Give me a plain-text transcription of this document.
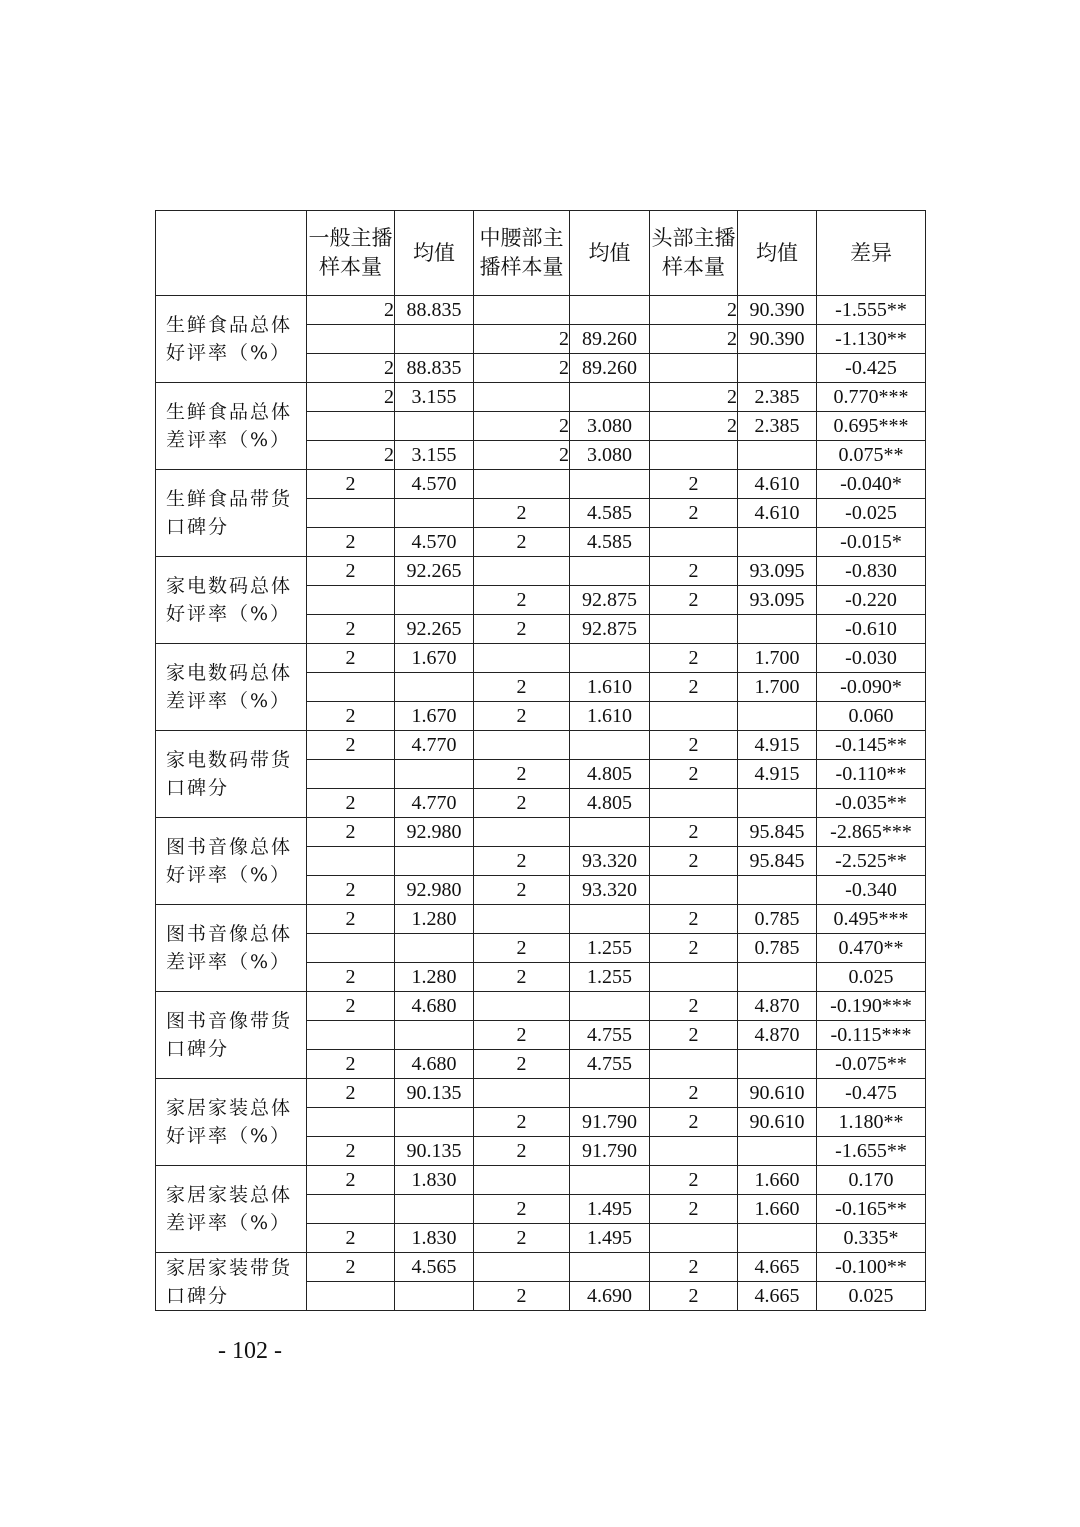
	一般主播样本量	均值	中腰部主播样本量	均值	头部主播样本量	均值	差异
生鲜食品总体好评率（%）	2	88.835			2	90.390	-1.555**
			2	89.260	2	90.390	-1.130**
	2	88.835	2	89.260			-0.425
生鲜食品总体差评率（%）	2	3.155			2	2.385	0.770***
			2	3.080	2	2.385	0.695***
	2	3.155	2	3.080			0.075**
生鲜食品带货口碑分	2	4.570			2	4.610	-0.040*
			2	4.585	2	4.610	-0.025
	2	4.570	2	4.585			-0.015*
家电数码总体好评率（%）	2	92.265			2	93.095	-0.830
			2	92.875	2	93.095	-0.220
	2	92.265	2	92.875			-0.610
家电数码总体差评率（%）	2	1.670			2	1.700	-0.030
			2	1.610	2	1.700	-0.090*
	2	1.670	2	1.610			0.060
家电数码带货口碑分	2	4.770			2	4.915	-0.145**
			2	4.805	2	4.915	-0.110**
	2	4.770	2	4.805			-0.035**
图书音像总体好评率（%）	2	92.980			2	95.845	-2.865***
			2	93.320	2	95.845	-2.525**
	2	92.980	2	93.320			-0.340
图书音像总体差评率（%）	2	1.280			2	0.785	0.495***
			2	1.255	2	0.785	0.470**
	2	1.280	2	1.255			0.025
图书音像带货口碑分	2	4.680			2	4.870	-0.190***
			2	4.755	2	4.870	-0.115***
	2	4.680	2	4.755			-0.075**
家居家装总体好评率（%）	2	90.135			2	90.610	-0.475
			2	91.790	2	90.610	1.180**
	2	90.135	2	91.790			-1.655**
家居家装总体差评率（%）	2	1.830			2	1.660	0.170
			2	1.495	2	1.660	-0.165**
	2	1.830	2	1.495			0.335*
家居家装带货口碑分	2	4.565			2	4.665	-0.100**
			2	4.690	2	4.665	0.025
- 102 -
